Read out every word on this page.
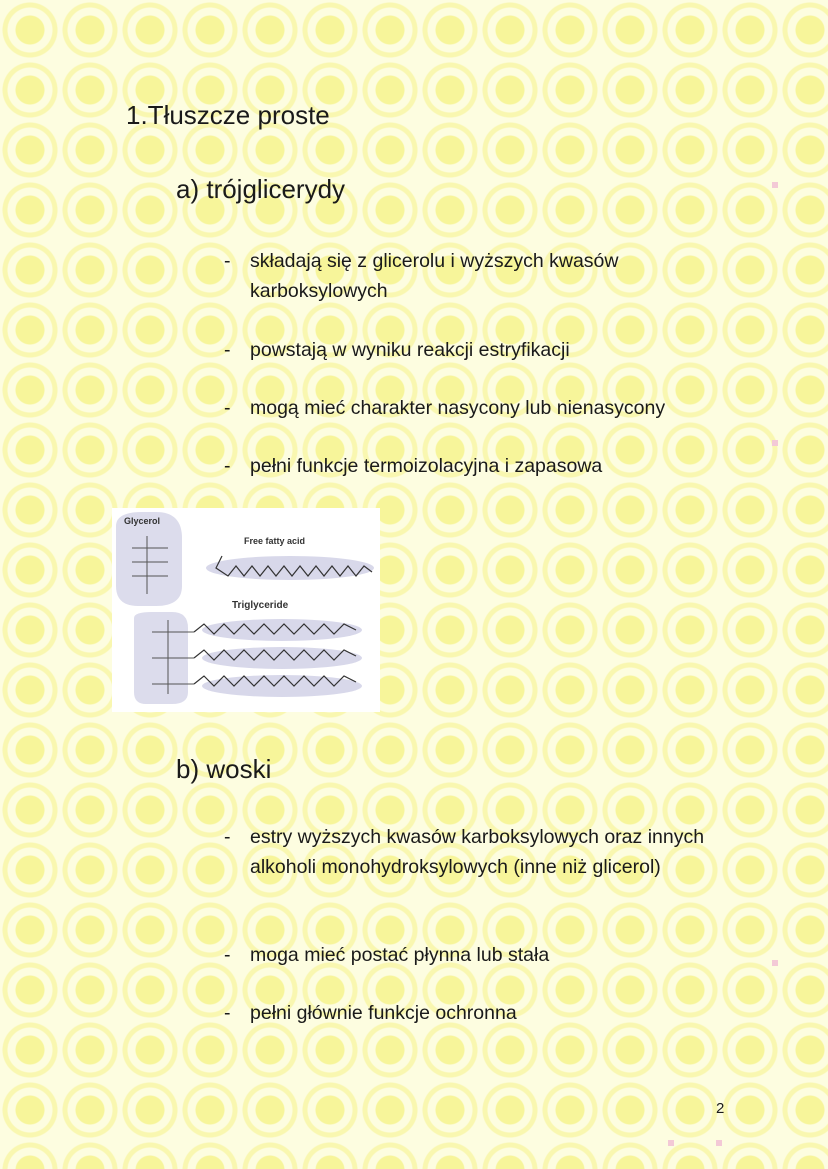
1.Tłuszcze proste
a) trójglicerydy
-	składają się z glicerolu i wyższych kwasów karboksylowych
-	powstają w wyniku reakcji estryfikacji
-	mogą mieć charakter nasycony lub nienasycony
-	pełni funkcje termoizolacyjna i zapasowa
Glycerol
Free fatty acid
Triglyceride
b) woski
-	estry wyższych kwasów karboksylowych oraz innych alkoholi monohydroksylowych (inne niż glicerol)
-	moga mieć postać płynna lub stała
-	pełni głównie funkcje ochronna
2
